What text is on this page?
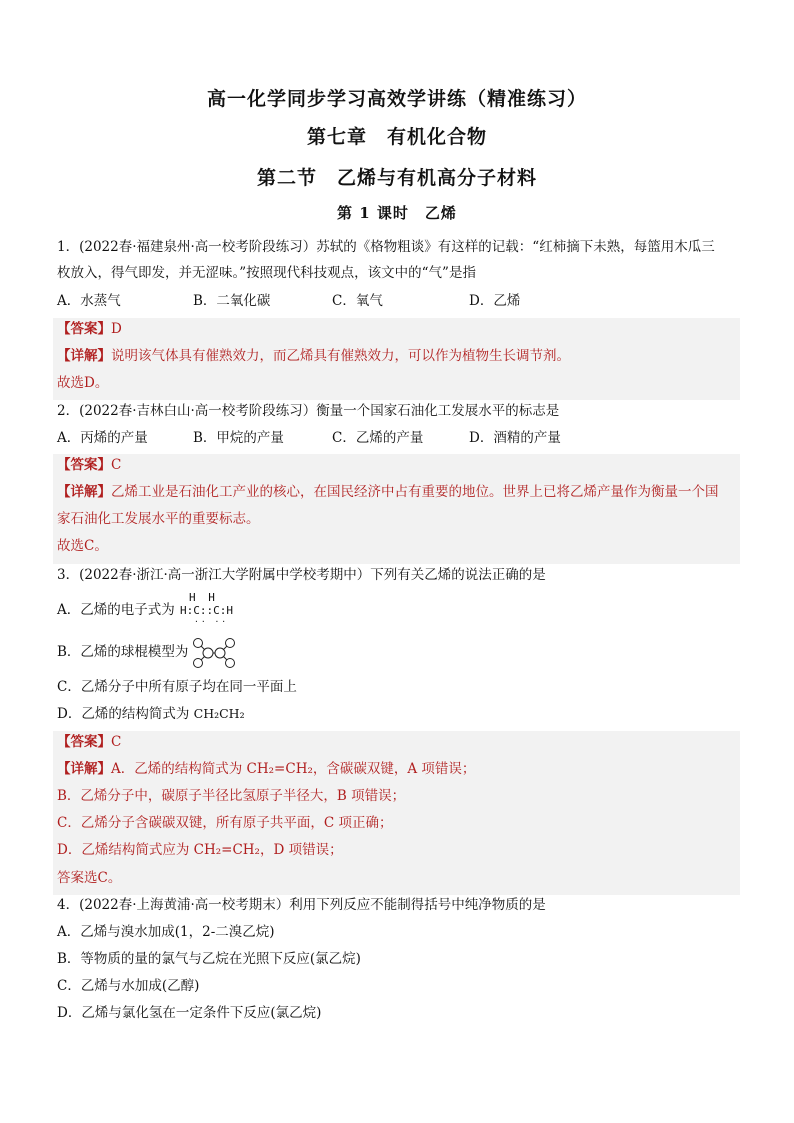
高一化学同步学习高效学讲练（精准练习）
第七章　有机化合物
第二节　乙烯与有机高分子材料
第 1 课时　乙烯
1．(2022春·福建泉州·高一校考阶段练习）苏轼的《格物粗谈》有这样的记载：“红柿摘下未熟，每篮用木瓜三
枚放入，得气即发，并无涩味。”按照现代科技观点，该文中的“气”是指
A．水蒸气	B．二氧化碳	C．氧气	D．乙烯
【答案】D
【详解】说明该气体具有催熟效力，而乙烯具有催熟效力，可以作为植物生长调节剂。
故选D。
2．(2022春·吉林白山·高一校考阶段练习）衡量一个国家石油化工发展水平的标志是
A．丙烯的产量	B．甲烷的产量	C．乙烯的产量	D．酒精的产量
【答案】C
【详解】乙烯工业是石油化工产业的核心，在国民经济中占有重要的地位。世界上已将乙烯产量作为衡量一个国
家石油化工发展水平的重要标志。
故选C。
3．(2022春·浙江·高一浙江大学附属中学校考期中）下列有关乙烯的说法正确的是
A．乙烯的电子式为
H H
H:C::C:H
·· ··
B．乙烯的球棍模型为
C．乙烯分子中所有原子均在同一平面上
D．乙烯的结构简式为 CH₂CH₂
【答案】C
【详解】A．乙烯的结构简式为 CH₂=CH₂，含碳碳双键，A 项错误；
B．乙烯分子中，碳原子半径比氢原子半径大，B 项错误；
C．乙烯分子含碳碳双键，所有原子共平面，C 项正确；
D．乙烯结构简式应为 CH₂=CH₂，D 项错误；
答案选C。
4．(2022春·上海黄浦·高一校考期末）利用下列反应不能制得括号中纯净物质的是
A．乙烯与溴水加成(1，2-二溴乙烷)
B．等物质的量的氯气与乙烷在光照下反应(氯乙烷)
C．乙烯与水加成(乙醇)
D．乙烯与氯化氢在一定条件下反应(氯乙烷)
